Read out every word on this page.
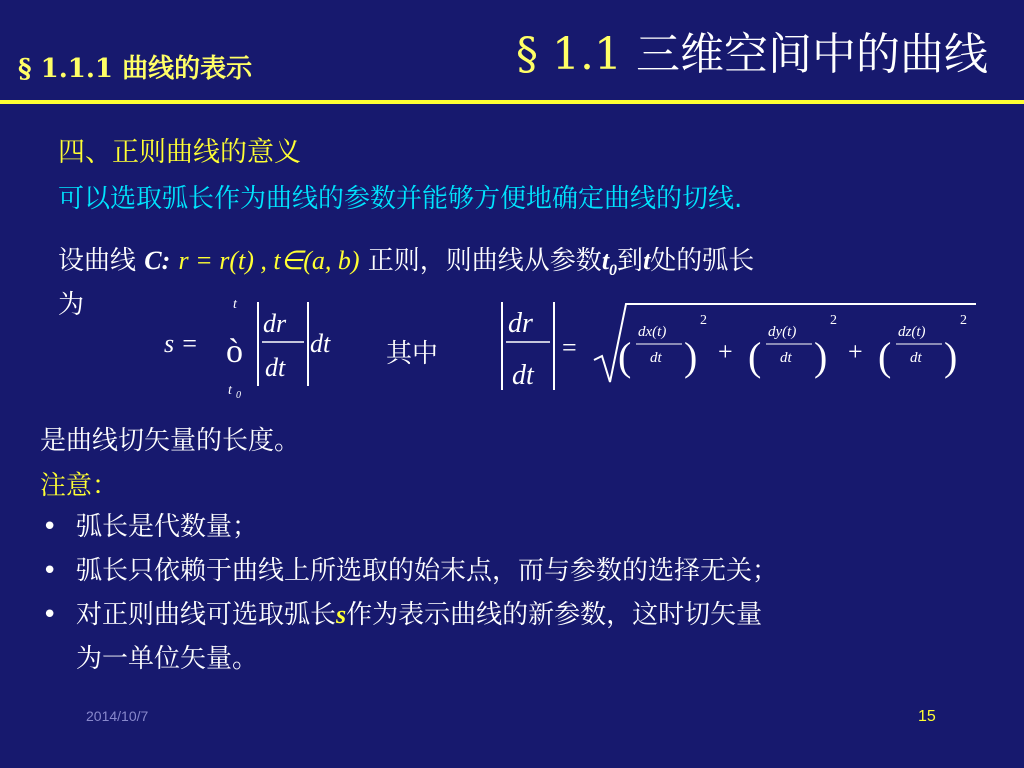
§ 1.1.1 曲线的表示	§ 1.1 三维空间中的曲线
四、正则曲线的意义
可以选取弧长作为曲线的参数并能够方便地确定曲线的切线.
设曲线 C: r = r(t) , t∈(a, b) 正则，则曲线从参数$t_0$到t处的弧长
为
s =
t
ò
t 0
dr
dt
dt 其中
dr
dt
= (
dx(t)
dt )
2
+ (
dy(t)
dt )
2
+ (
dz(t)
dt )
2
是曲线切矢量的长度。
注意：
• 弧长是代数量；
• 弧长只依赖于曲线上所选取的始末点，而与参数的选择无关；
• 对正则曲线可选取弧长s作为表示曲线的新参数，这时切矢量
为一单位矢量。
2014/10/7	15
